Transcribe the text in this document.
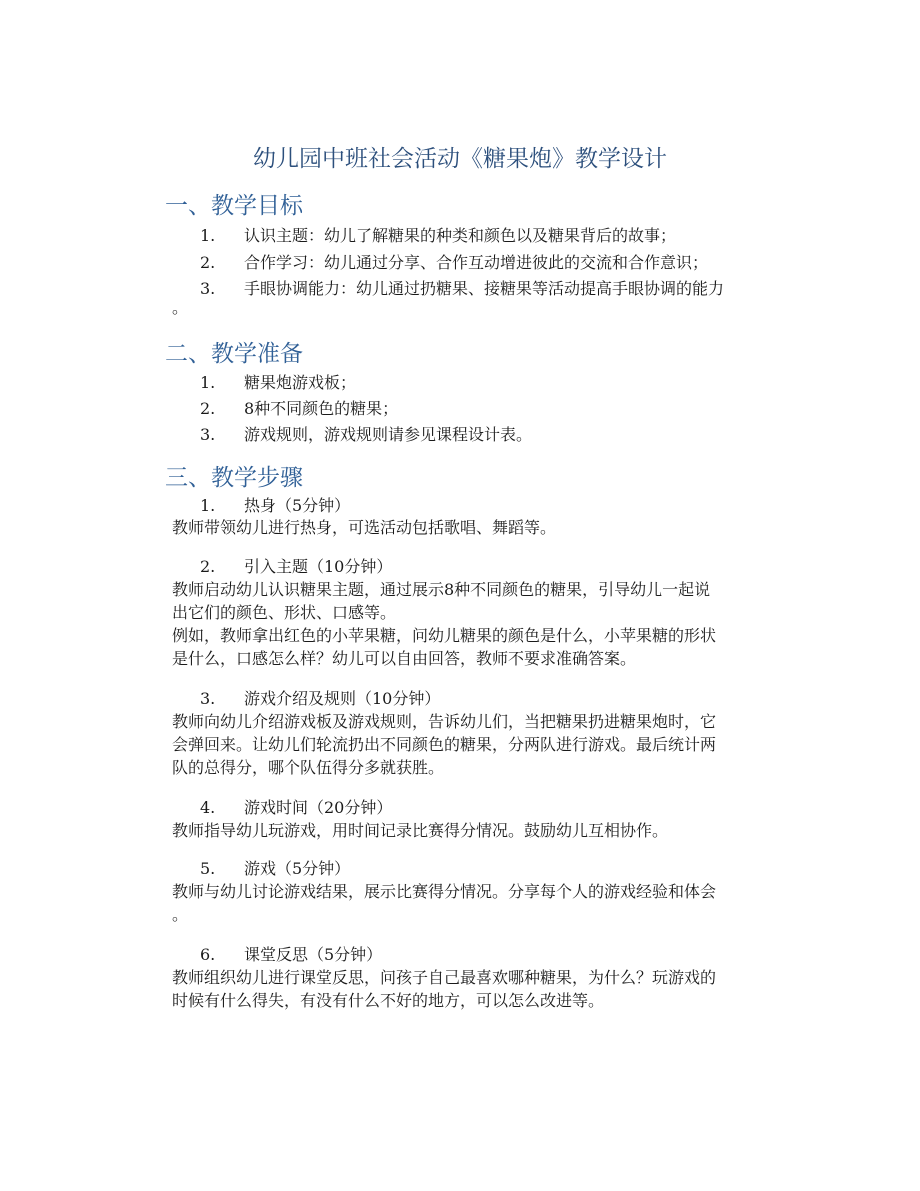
幼儿园中班社会活动《糖果炮》教学设计
一、教学目标
1. 认识主题：幼儿了解糖果的种类和颜色以及糖果背后的故事；
2. 合作学习：幼儿通过分享、合作互动增进彼此的交流和合作意识；
3. 手眼协调能力：幼儿通过扔糖果、接糖果等活动提高手眼协调的能力
。
二、教学准备
1. 糖果炮游戏板；
2. 8种不同颜色的糖果；
3. 游戏规则，游戏规则请参见课程设计表。
三、教学步骤
1. 热身（5分钟）
教师带领幼儿进行热身，可选活动包括歌唱、舞蹈等。
2. 引入主题（10分钟）
教师启动幼儿认识糖果主题，通过展示8种不同颜色的糖果，引导幼儿一起说
出它们的颜色、形状、口感等。
例如，教师拿出红色的小苹果糖，问幼儿糖果的颜色是什么，小苹果糖的形状
是什么，口感怎么样？幼儿可以自由回答，教师不要求准确答案。
3. 游戏介绍及规则（10分钟）
教师向幼儿介绍游戏板及游戏规则，告诉幼儿们，当把糖果扔进糖果炮时，它
会弹回来。让幼儿们轮流扔出不同颜色的糖果，分两队进行游戏。最后统计两
队的总得分，哪个队伍得分多就获胜。
4. 游戏时间（20分钟）
教师指导幼儿玩游戏，用时间记录比赛得分情况。鼓励幼儿互相协作。
5. 游戏（5分钟）
教师与幼儿讨论游戏结果，展示比赛得分情况。分享每个人的游戏经验和体会
。
6. 课堂反思（5分钟）
教师组织幼儿进行课堂反思，问孩子自己最喜欢哪种糖果，为什么？玩游戏的
时候有什么得失，有没有什么不好的地方，可以怎么改进等。
